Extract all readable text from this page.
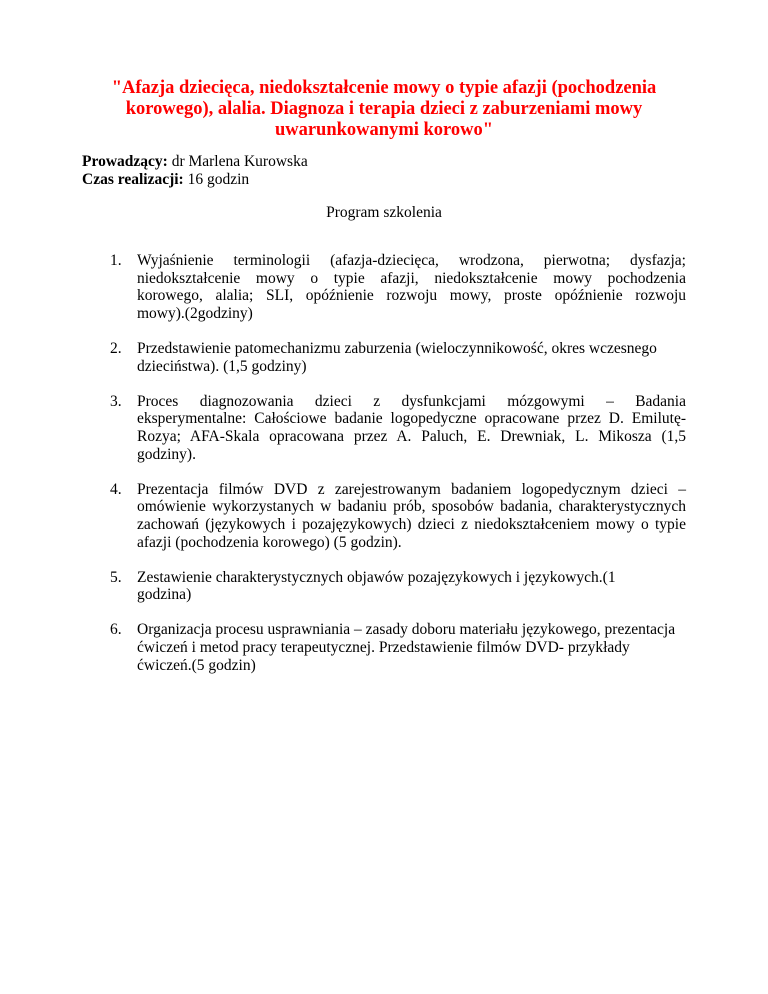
"Afazja dziecięca, niedokształcenie mowy o typie afazji (pochodzenia
korowego), alalia. Diagnoza i terapia dzieci z zaburzeniami mowy
uwarunkowanymi korowo"
Prowadzący: dr Marlena Kurowska
Czas realizacji: 16 godzin
Program szkolenia
1. Wyjaśnienie terminologii (afazja-dziecięca, wrodzona, pierwotna; dysfazja;
niedokształcenie mowy o typie afazji, niedokształcenie mowy pochodzenia
korowego, alalia; SLI, opóźnienie rozwoju mowy, proste opóźnienie rozwoju
mowy).(2godziny)
2. Przedstawienie patomechanizmu zaburzenia (wieloczynnikowość, okres wczesnego
dzieciństwa). (1,5 godziny)
3. Proces diagnozowania dzieci z dysfunkcjami mózgowymi – Badania
eksperymentalne: Całościowe badanie logopedyczne opracowane przez D. Emilutę-
Rozya; AFA-Skala opracowana przez A. Paluch, E. Drewniak, L. Mikosza (1,5
godziny).
4. Prezentacja filmów DVD z zarejestrowanym badaniem logopedycznym dzieci –
omówienie wykorzystanych w badaniu prób, sposobów badania, charakterystycznych
zachowań (językowych i pozajęzykowych) dzieci z niedokształceniem mowy o typie
afazji (pochodzenia korowego) (5 godzin).
5. Zestawienie charakterystycznych objawów pozajęzykowych i językowych.(1
godzina)
6. Organizacja procesu usprawniania – zasady doboru materiału językowego, prezentacja
ćwiczeń i metod pracy terapeutycznej. Przedstawienie filmów DVD- przykłady
ćwiczeń.(5 godzin)
